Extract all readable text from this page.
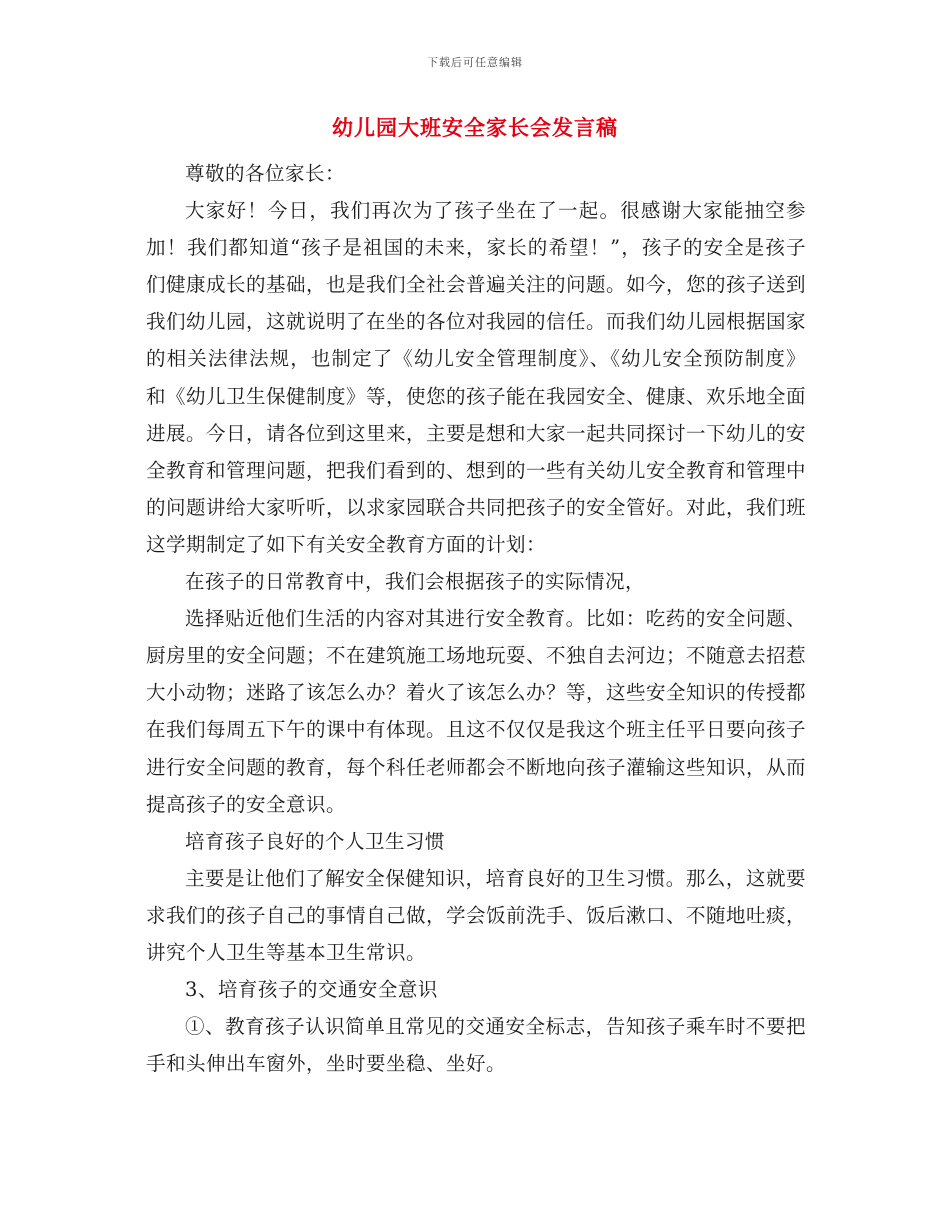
下载后可任意编辑
幼儿园大班安全家长会发言稿

尊敬的各位家长：

大家好！今日，我们再次为了孩子坐在了一起。很感谢大家能抽空参加！我们都知道“孩子是祖国的未来，家长的希望！”，孩子的安全是孩子们健康成长的基础，也是我们全社会普遍关注的问题。如今，您的孩子送到我们幼儿园，这就说明了在坐的各位对我园的信任。而我们幼儿园根据国家的相关法律法规，也制定了《幼儿安全管理制度》、《幼儿安全预防制度》和《幼儿卫生保健制度》等，使您的孩子能在我园安全、健康、欢乐地全面进展。今日，请各位到这里来，主要是想和大家一起共同探讨一下幼儿的安全教育和管理问题，把我们看到的、想到的一些有关幼儿安全教育和管理中的问题讲给大家听听，以求家园联合共同把孩子的安全管好。对此，我们班这学期制定了如下有关安全教育方面的计划：

在孩子的日常教育中，我们会根据孩子的实际情况，

选择贴近他们生活的内容对其进行安全教育。比如：吃药的安全问题、厨房里的安全问题；不在建筑施工场地玩耍、不独自去河边；不随意去招惹大小动物；迷路了该怎么办？着火了该怎么办？等，这些安全知识的传授都在我们每周五下午的课中有体现。且这不仅仅是我这个班主任平日要向孩子进行安全问题的教育，每个科任老师都会不断地向孩子灌输这些知识，从而提高孩子的安全意识。

培育孩子良好的个人卫生习惯

主要是让他们了解安全保健知识，培育良好的卫生习惯。那么，这就要求我们的孩子自己的事情自己做，学会饭前洗手、饭后漱口、不随地吐痰，讲究个人卫生等基本卫生常识。

3、培育孩子的交通安全意识

①、教育孩子认识简单且常见的交通安全标志，告知孩子乘车时不要把手和头伸出车窗外，坐时要坐稳、坐好。
